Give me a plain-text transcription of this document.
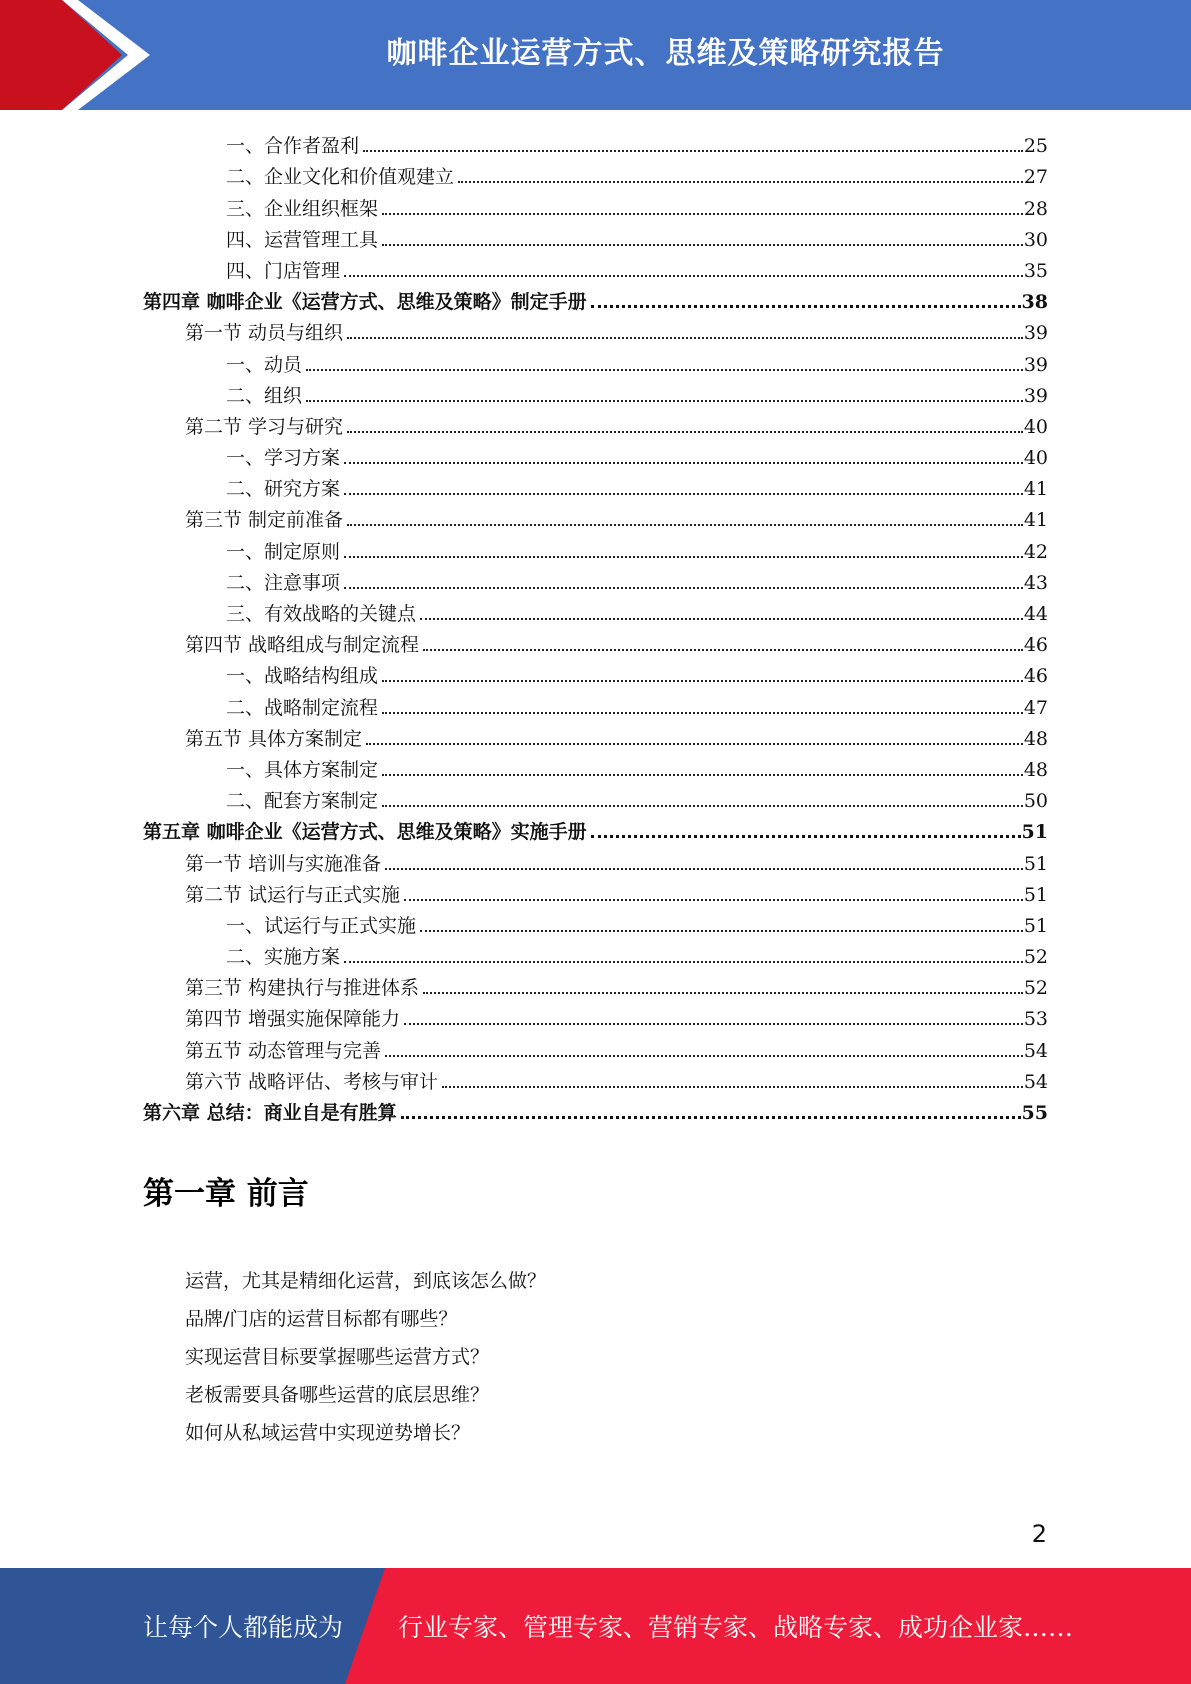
咖啡企业运营方式、思维及策略研究报告
一、合作者盈利	25
二、企业文化和价值观建立	27
三、企业组织框架	28
四、运营管理工具	30
四、门店管理	35
第四章 咖啡企业《运营方式、思维及策略》制定手册	38
第一节 动员与组织	39
一、动员	39
二、组织	39
第二节 学习与研究	40
一、学习方案	40
二、研究方案	41
第三节 制定前准备	41
一、制定原则	42
二、注意事项	43
三、有效战略的关键点	44
第四节 战略组成与制定流程	46
一、战略结构组成	46
二、战略制定流程	47
第五节 具体方案制定	48
一、具体方案制定	48
二、配套方案制定	50
第五章 咖啡企业《运营方式、思维及策略》实施手册	51
第一节 培训与实施准备	51
第二节 试运行与正式实施	51
一、试运行与正式实施	51
二、实施方案	52
第三节 构建执行与推进体系	52
第四节 增强实施保障能力	53
第五节 动态管理与完善	54
第六节 战略评估、考核与审计	54
第六章 总结：商业自是有胜算	55
第一章 前言
运营，尤其是精细化运营，到底该怎么做？
品牌/门店的运营目标都有哪些？
实现运营目标要掌握哪些运营方式？
老板需要具备哪些运营的底层思维？
如何从私域运营中实现逆势增长？
2
让每个人都能成为 行业专家、管理专家、营销专家、战略专家、成功企业家……
